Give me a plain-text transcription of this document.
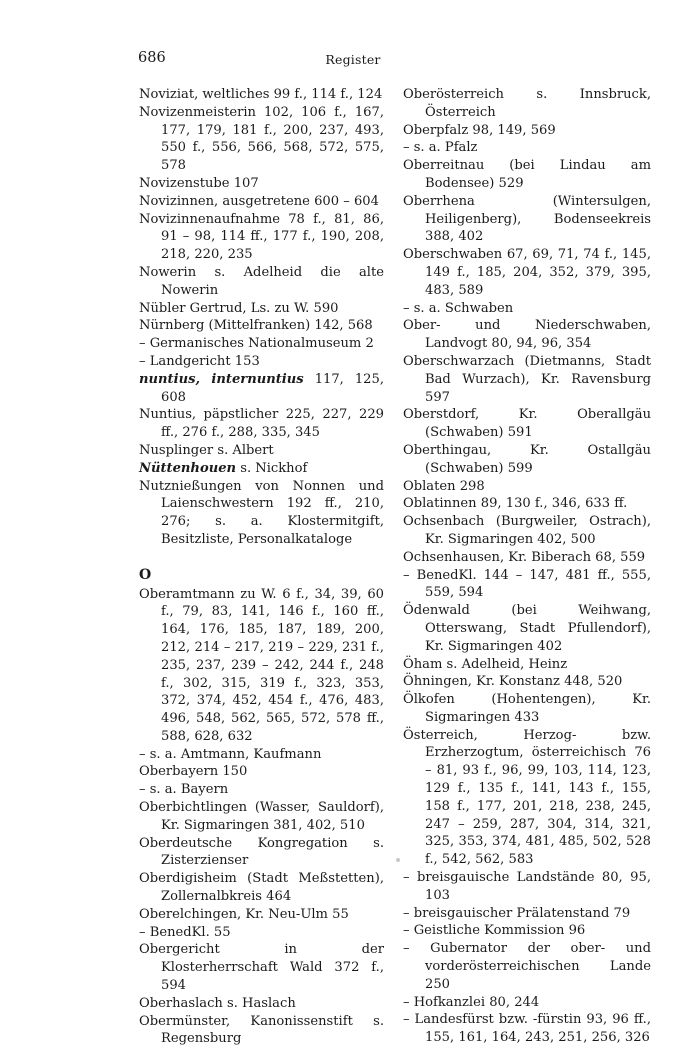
686	Register
Noviziat, weltliches 99 f., 114 f., 124
Novizenmeisterin 102, 106 f., 167, 177, 179, 181 f., 200, 237, 493, 550 f., 556, 566, 568, 572, 575, 578
Novizenstube 107
Novizinnen, ausgetretene 600 – 604
Novizinnenaufnahme 78 f., 81, 86, 91 – 98, 114 ff., 177 f., 190, 208, 218, 220, 235
Nowerin s. Adelheid die alte Nowerin
Nübler Gertrud, Ls. zu W. 590
Nürnberg (Mittelfranken) 142, 568
– Germanisches Nationalmuseum 2
– Landgericht 153
nuntius, internuntius 117, 125, 608
Nuntius, päpstlicher 225, 227, 229 ff., 276 f., 288, 335, 345
Nusplinger s. Albert
Nüttenhouen s. Nickhof
Nutznießungen von Nonnen und Laienschwestern 192 ff., 210, 276; s. a. Klostermitgift, Besitzliste, Personalkataloge
O
Oberamtmann zu W. 6 f., 34, 39, 60 f., 79, 83, 141, 146 f., 160 ff., 164, 176, 185, 187, 189, 200, 212, 214 – 217, 219 – 229, 231 f., 235, 237, 239 – 242, 244 f., 248 f., 302, 315, 319 f., 323, 353, 372, 374, 452, 454 f., 476, 483, 496, 548, 562, 565, 572, 578 ff., 588, 628, 632
– s. a. Amtmann, Kaufmann
Oberbayern 150
– s. a. Bayern
Oberbichtlingen (Wasser, Sauldorf), Kr. Sigmaringen 381, 402, 510
Oberdeutsche Kongregation s. Zisterzienser
Oberdigisheim (Stadt Meßstetten), Zollernalbkreis 464
Oberelchingen, Kr. Neu-Ulm 55
– BenedKl. 55
Obergericht in der Klosterherrschaft Wald 372 f., 594
Oberhaslach s. Haslach
Obermünster, Kanonissenstift s. Regensburg
Oberösterreich s. Innsbruck, Österreich
Oberpfalz 98, 149, 569
– s. a. Pfalz
Oberreitnau (bei Lindau am Bodensee) 529
Oberrhena (Wintersulgen, Heiligenberg), Bodenseekreis 388, 402
Oberschwaben 67, 69, 71, 74 f., 145, 149 f., 185, 204, 352, 379, 395, 483, 589
– s. a. Schwaben
Ober- und Niederschwaben, Landvogt 80, 94, 96, 354
Oberschwarzach (Dietmanns, Stadt Bad Wurzach), Kr. Ravensburg 597
Oberstdorf, Kr. Oberallgäu (Schwaben) 591
Oberthingau, Kr. Ostallgäu (Schwaben) 599
Oblaten 298
Oblatinnen 89, 130 f., 346, 633 ff.
Ochsenbach (Burgweiler, Ostrach), Kr. Sigmaringen 402, 500
Ochsenhausen, Kr. Biberach 68, 559
– BenedKl. 144 – 147, 481 ff., 555, 559, 594
Ödenwald (bei Weihwang, Otterswang, Stadt Pfullendorf), Kr. Sigmaringen 402
Öham s. Adelheid, Heinz
Öhningen, Kr. Konstanz 448, 520
Ölkofen (Hohentengen), Kr. Sigmaringen 433
Österreich, Herzog- bzw. Erzherzogtum, österreichisch 76 – 81, 93 f., 96, 99, 103, 114, 123, 129 f., 135 f., 141, 143 f., 155, 158 f., 177, 201, 218, 238, 245, 247 – 259, 287, 304, 314, 321, 325, 353, 374, 481, 485, 502, 528 f., 542, 562, 583
– breisgauische Landstände 80, 95, 103
– breisgauischer Prälatenstand 79
– Geistliche Kommission 96
– Gubernator der ober- und vorderösterreichischen Lande 250
– Hofkanzlei 80, 244
– Landesfürst bzw. -fürstin 93, 96 ff., 155, 161, 164, 243, 251, 256, 326
